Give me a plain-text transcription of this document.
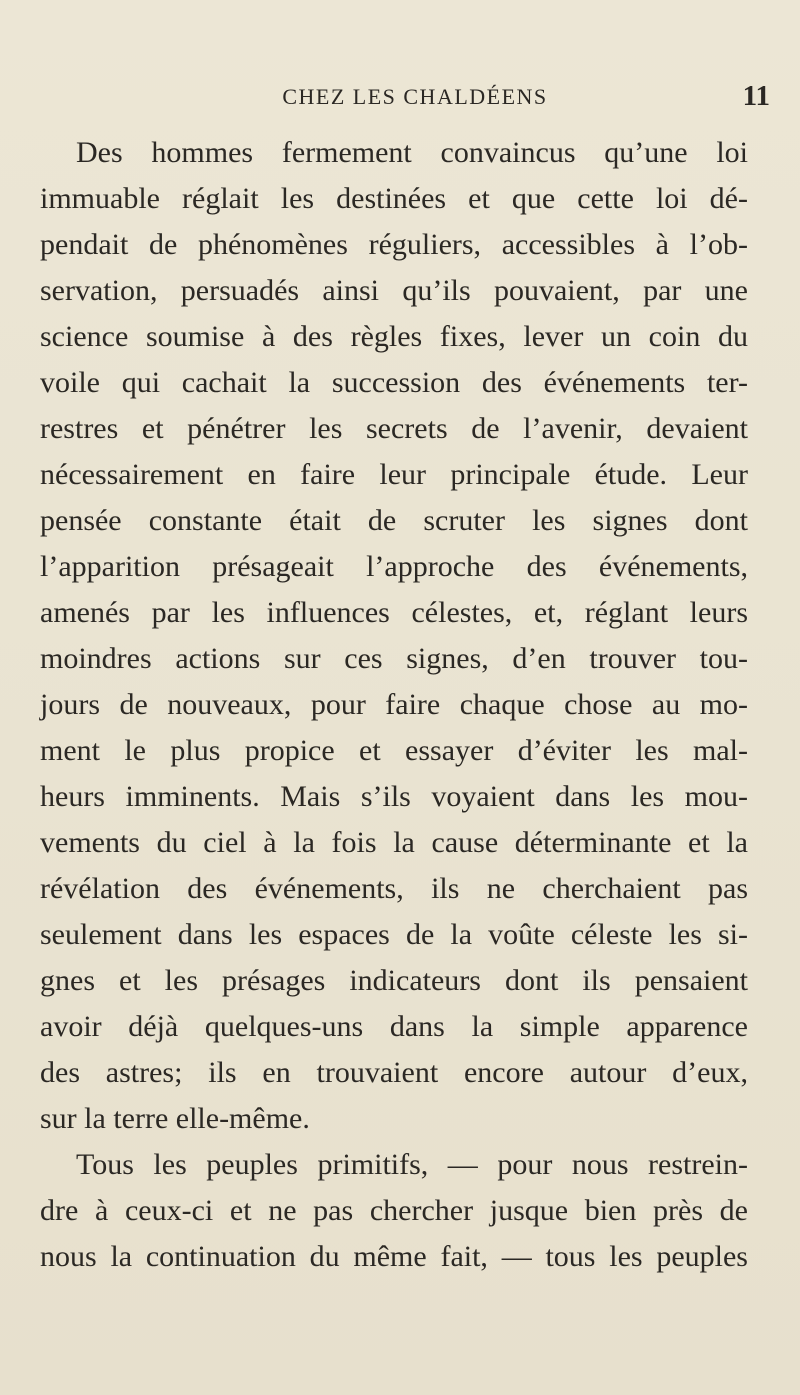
CHEZ LES CHALDÉENS	11
Des hommes fermement convaincus qu’une loi
immuable réglait les destinées et que cette loi dé-
pendait de phénomènes réguliers, accessibles à l’ob-
servation, persuadés ainsi qu’ils pouvaient, par une
science soumise à des règles fixes, lever un coin du
voile qui cachait la succession des événements ter-
restres et pénétrer les secrets de l’avenir, devaient
nécessairement en faire leur principale étude. Leur
pensée constante était de scruter les signes dont
l’apparition présageait l’approche des événements,
amenés par les influences célestes, et, réglant leurs
moindres actions sur ces signes, d’en trouver tou-
jours de nouveaux, pour faire chaque chose au mo-
ment le plus propice et essayer d’éviter les mal-
heurs imminents. Mais s’ils voyaient dans les mou-
vements du ciel à la fois la cause déterminante et la
révélation des événements, ils ne cherchaient pas
seulement dans les espaces de la voûte céleste les si-
gnes et les présages indicateurs dont ils pensaient
avoir déjà quelques-uns dans la simple apparence
des astres; ils en trouvaient encore autour d’eux,
sur la terre elle-même.
Tous les peuples primitifs, — pour nous restrein-
dre à ceux-ci et ne pas chercher jusque bien près de
nous la continuation du même fait, — tous les peuples
